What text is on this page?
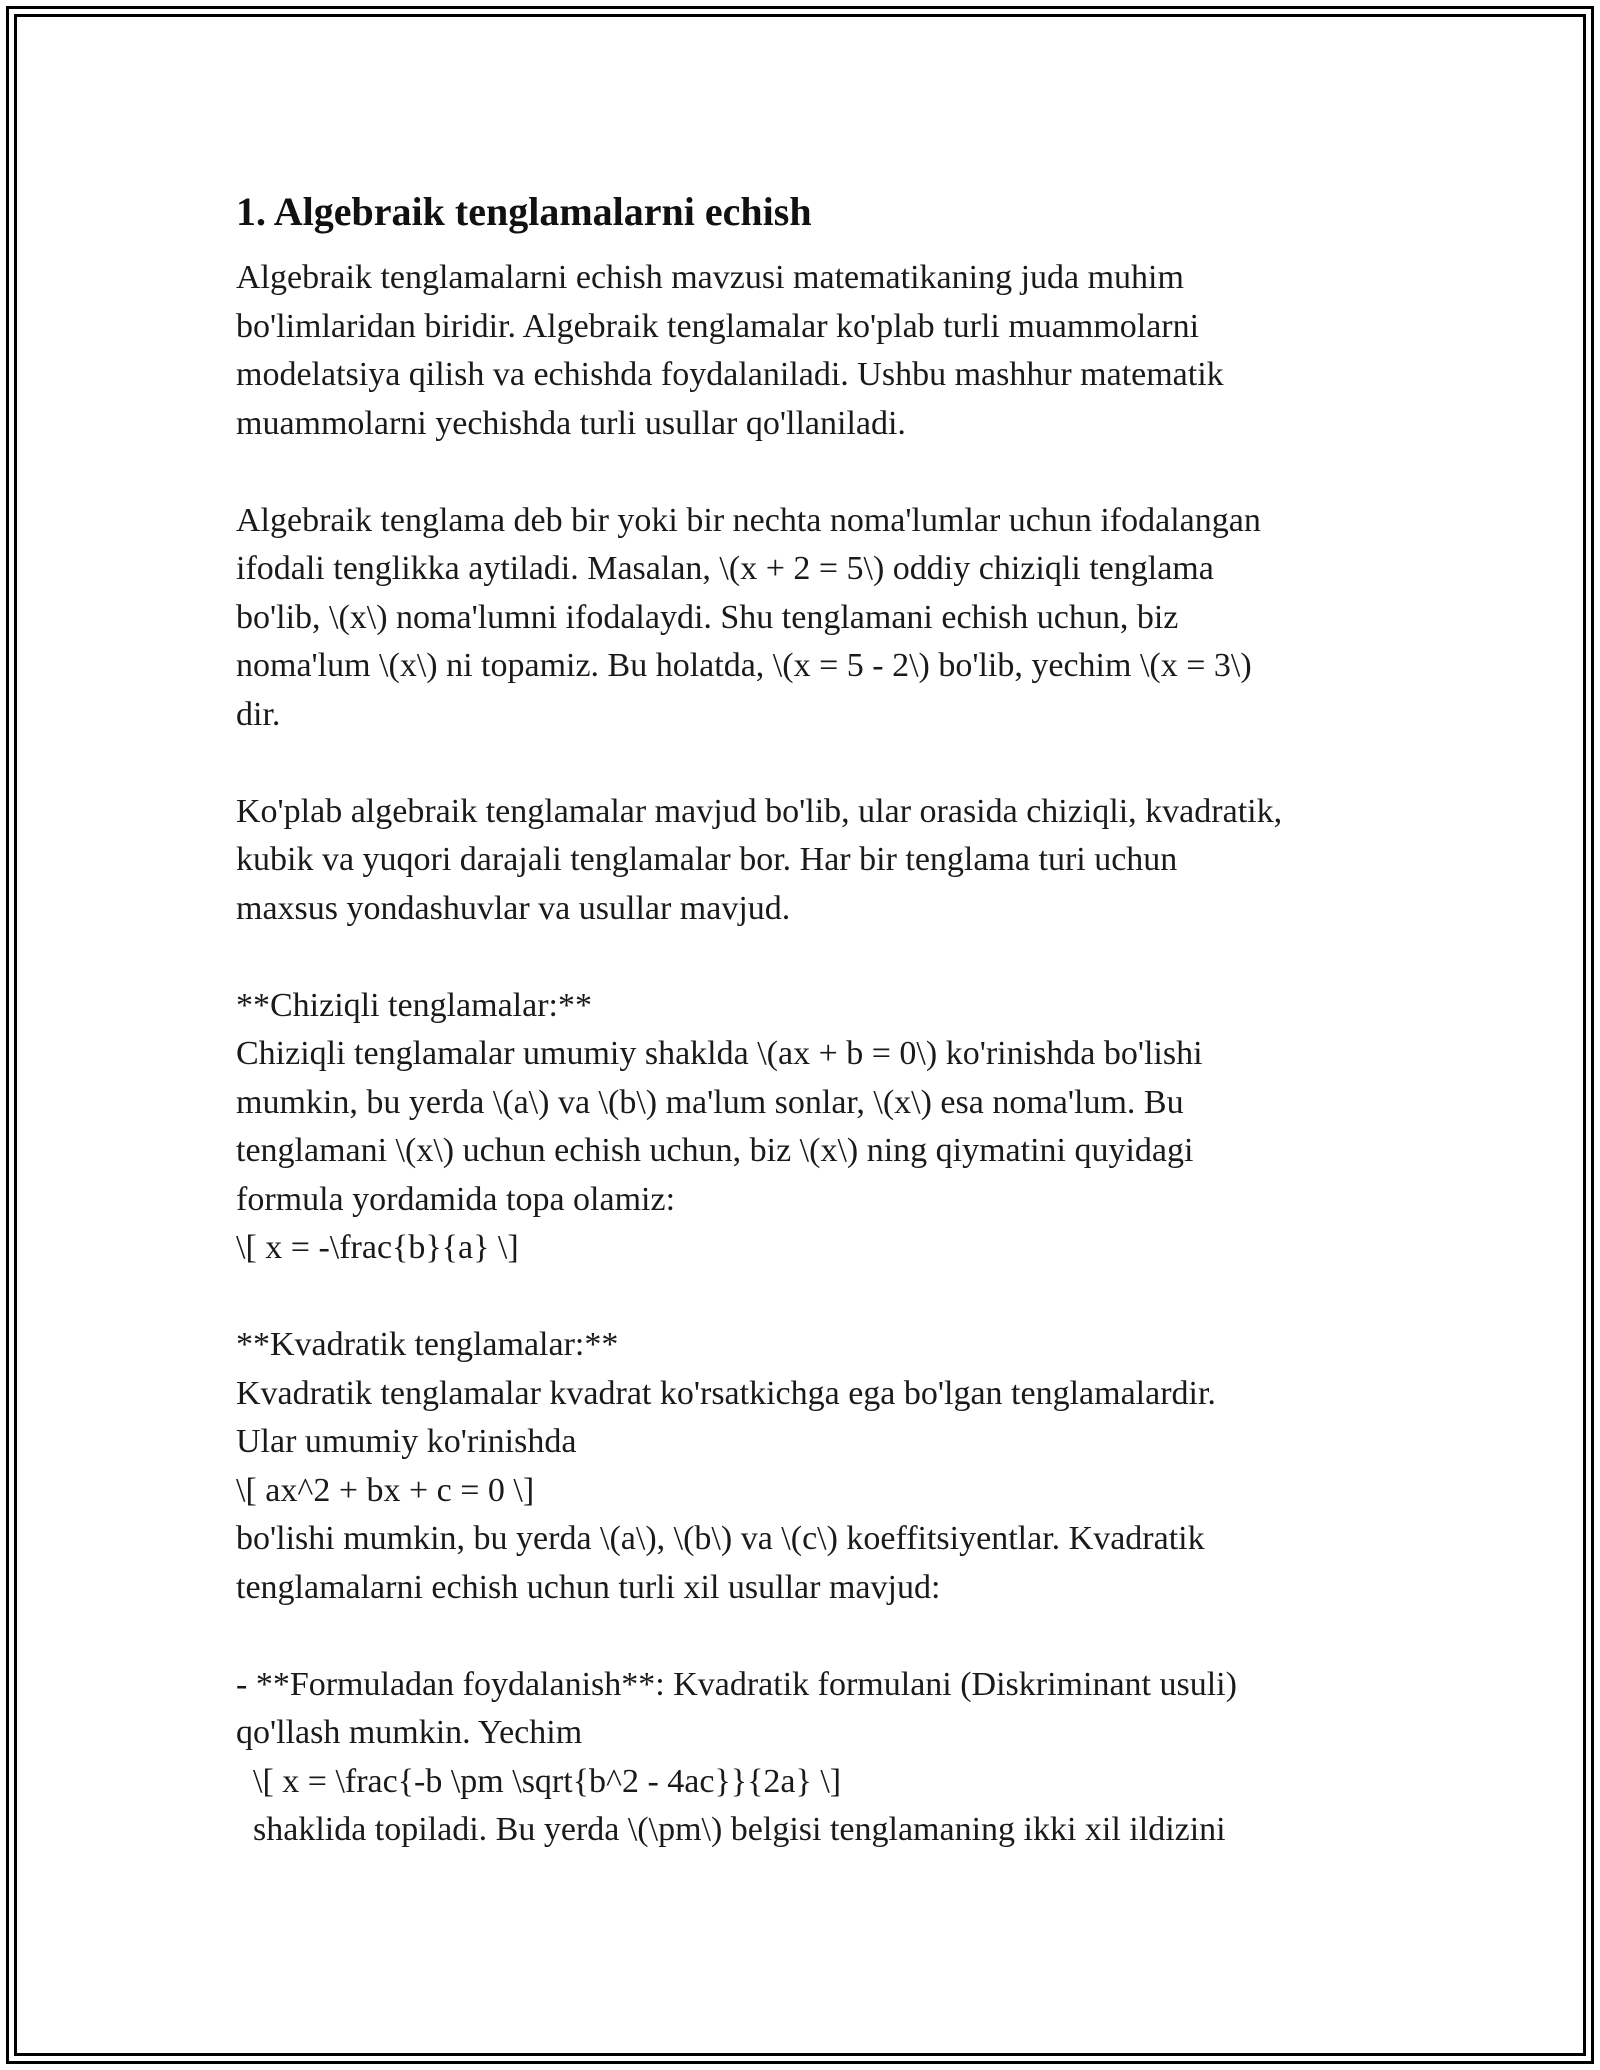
1. Algebraik tenglamalarni echish
Algebraik tenglamalarni echish mavzusi matematikaning juda muhim
bo'limlaridan biridir. Algebraik tenglamalar ko'plab turli muammolarni
modelatsiya qilish va echishda foydalaniladi. Ushbu mashhur matematik
muammolarni yechishda turli usullar qo'llaniladi.
Algebraik tenglama deb bir yoki bir nechta noma'lumlar uchun ifodalangan
ifodali tenglikka aytiladi. Masalan, \(x + 2 = 5\) oddiy chiziqli tenglama
bo'lib, \(x\) noma'lumni ifodalaydi. Shu tenglamani echish uchun, biz
noma'lum \(x\) ni topamiz. Bu holatda, \(x = 5 - 2\) bo'lib, yechim \(x = 3\)
dir.
Ko'plab algebraik tenglamalar mavjud bo'lib, ular orasida chiziqli, kvadratik,
kubik va yuqori darajali tenglamalar bor. Har bir tenglama turi uchun
maxsus yondashuvlar va usullar mavjud.
**Chiziqli tenglamalar:**
Chiziqli tenglamalar umumiy shaklda \(ax + b = 0\) ko'rinishda bo'lishi
mumkin, bu yerda \(a\) va \(b\) ma'lum sonlar, \(x\) esa noma'lum. Bu
tenglamani \(x\) uchun echish uchun, biz \(x\) ning qiymatini quyidagi
formula yordamida topa olamiz:
\[ x = -\frac{b}{a} \]
**Kvadratik tenglamalar:**
Kvadratik tenglamalar kvadrat ko'rsatkichga ega bo'lgan tenglamalardir.
Ular umumiy ko'rinishda
\[ ax^2 + bx + c = 0 \]
bo'lishi mumkin, bu yerda \(a\), \(b\) va \(c\) koeffitsiyentlar. Kvadratik
tenglamalarni echish uchun turli xil usullar mavjud:
- **Formuladan foydalanish**: Kvadratik formulani (Diskriminant usuli)
qo'llash mumkin. Yechim
\[ x = \frac{-b \pm \sqrt{b^2 - 4ac}}{2a} \]
shaklida topiladi. Bu yerda \(\pm\) belgisi tenglamaning ikki xil ildizini
